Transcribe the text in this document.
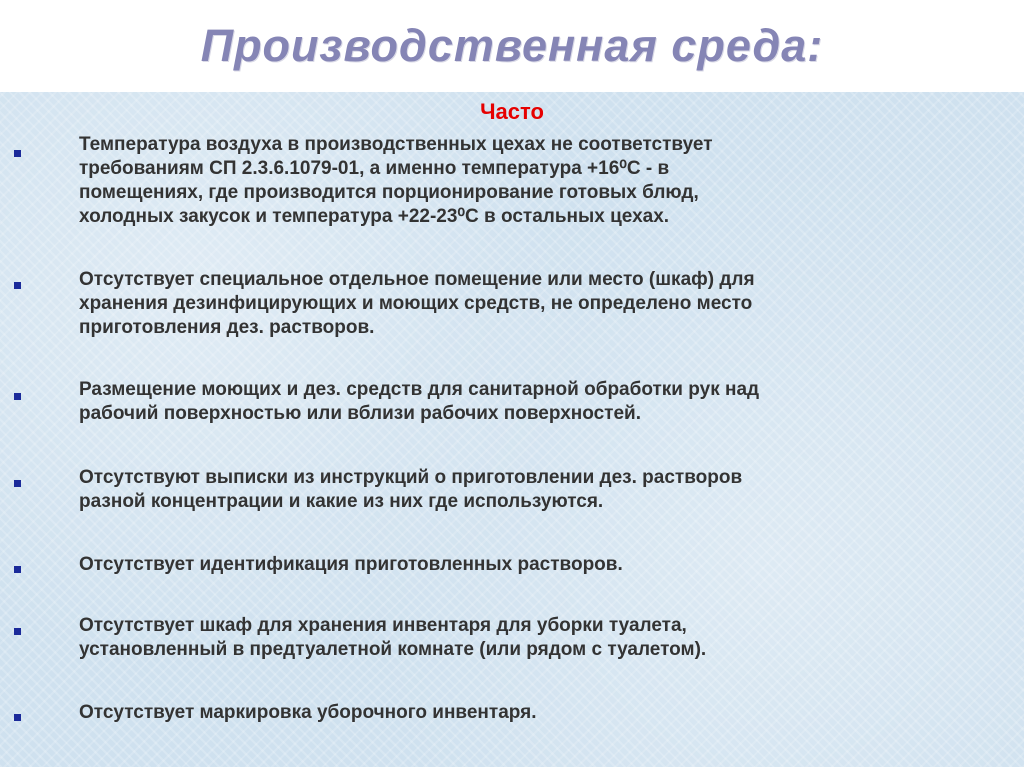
Производственная среда:
Часто

Температура воздуха в производственных цехах не соответствует
требованиям СП 2.3.6.1079-01, а именно температура +16⁰С - в
помещениях, где производится порционирование готовых блюд,
холодных закусок и температура +22-23⁰С в остальных цехах.

Отсутствует специальное отдельное помещение или место (шкаф) для
хранения дезинфицирующих и моющих средств, не определено место
приготовления дез. растворов.

Размещение моющих и дез. средств для санитарной обработки рук над
рабочий поверхностью или вблизи рабочих поверхностей.

Отсутствуют выписки из инструкций о приготовлении дез. растворов
разной концентрации и какие из них где используются.

Отсутствует идентификация приготовленных растворов.

Отсутствует шкаф для хранения инвентаря для уборки туалета,
установленный в предтуалетной комнате (или рядом с туалетом).

Отсутствует маркировка уборочного инвентаря.
